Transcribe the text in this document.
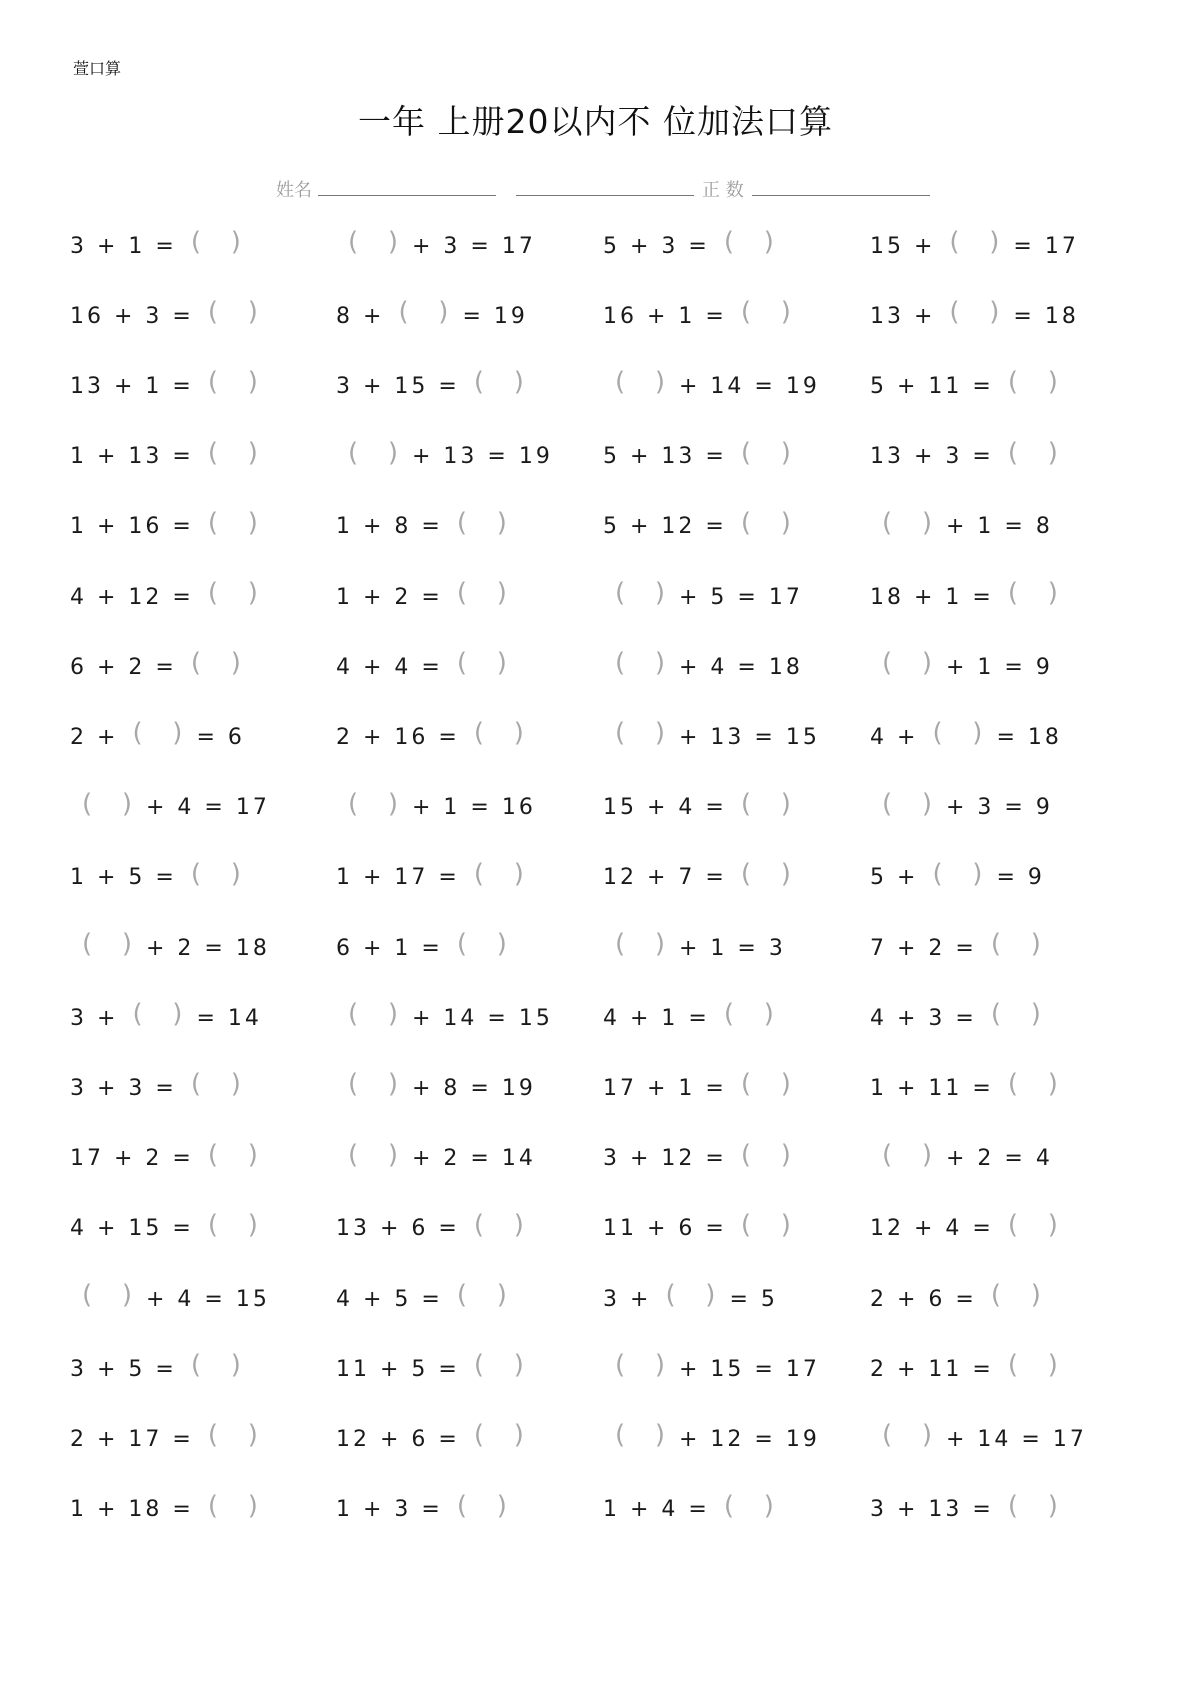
萱口算
一年 上册20以内不 位加法口算
姓名	正 数
3 + 1 = ( )
16 + 3 = ( )
13 + 1 = ( )
1 + 13 = ( )
1 + 16 = ( )
4 + 12 = ( )
6 + 2 = ( )
2 + ( ) = 6
( ) + 4 = 17
1 + 5 = ( )
( ) + 2 = 18
3 + ( ) = 14
3 + 3 = ( )
17 + 2 = ( )
4 + 15 = ( )
( ) + 4 = 15
3 + 5 = ( )
2 + 17 = ( )
1 + 18 = ( )
( ) + 3 = 17
8 + ( ) = 19
3 + 15 = ( )
( ) + 13 = 19
1 + 8 = ( )
1 + 2 = ( )
4 + 4 = ( )
2 + 16 = ( )
( ) + 1 = 16
1 + 17 = ( )
6 + 1 = ( )
( ) + 14 = 15
( ) + 8 = 19
( ) + 2 = 14
13 + 6 = ( )
4 + 5 = ( )
11 + 5 = ( )
12 + 6 = ( )
1 + 3 = ( )
5 + 3 = ( )
16 + 1 = ( )
( ) + 14 = 19
5 + 13 = ( )
5 + 12 = ( )
( ) + 5 = 17
( ) + 4 = 18
( ) + 13 = 15
15 + 4 = ( )
12 + 7 = ( )
( ) + 1 = 3
4 + 1 = ( )
17 + 1 = ( )
3 + 12 = ( )
11 + 6 = ( )
3 + ( ) = 5
( ) + 15 = 17
( ) + 12 = 19
1 + 4 = ( )
15 + ( ) = 17
13 + ( ) = 18
5 + 11 = ( )
13 + 3 = ( )
( ) + 1 = 8
18 + 1 = ( )
( ) + 1 = 9
4 + ( ) = 18
( ) + 3 = 9
5 + ( ) = 9
7 + 2 = ( )
4 + 3 = ( )
1 + 11 = ( )
( ) + 2 = 4
12 + 4 = ( )
2 + 6 = ( )
2 + 11 = ( )
( ) + 14 = 17
3 + 13 = ( )
